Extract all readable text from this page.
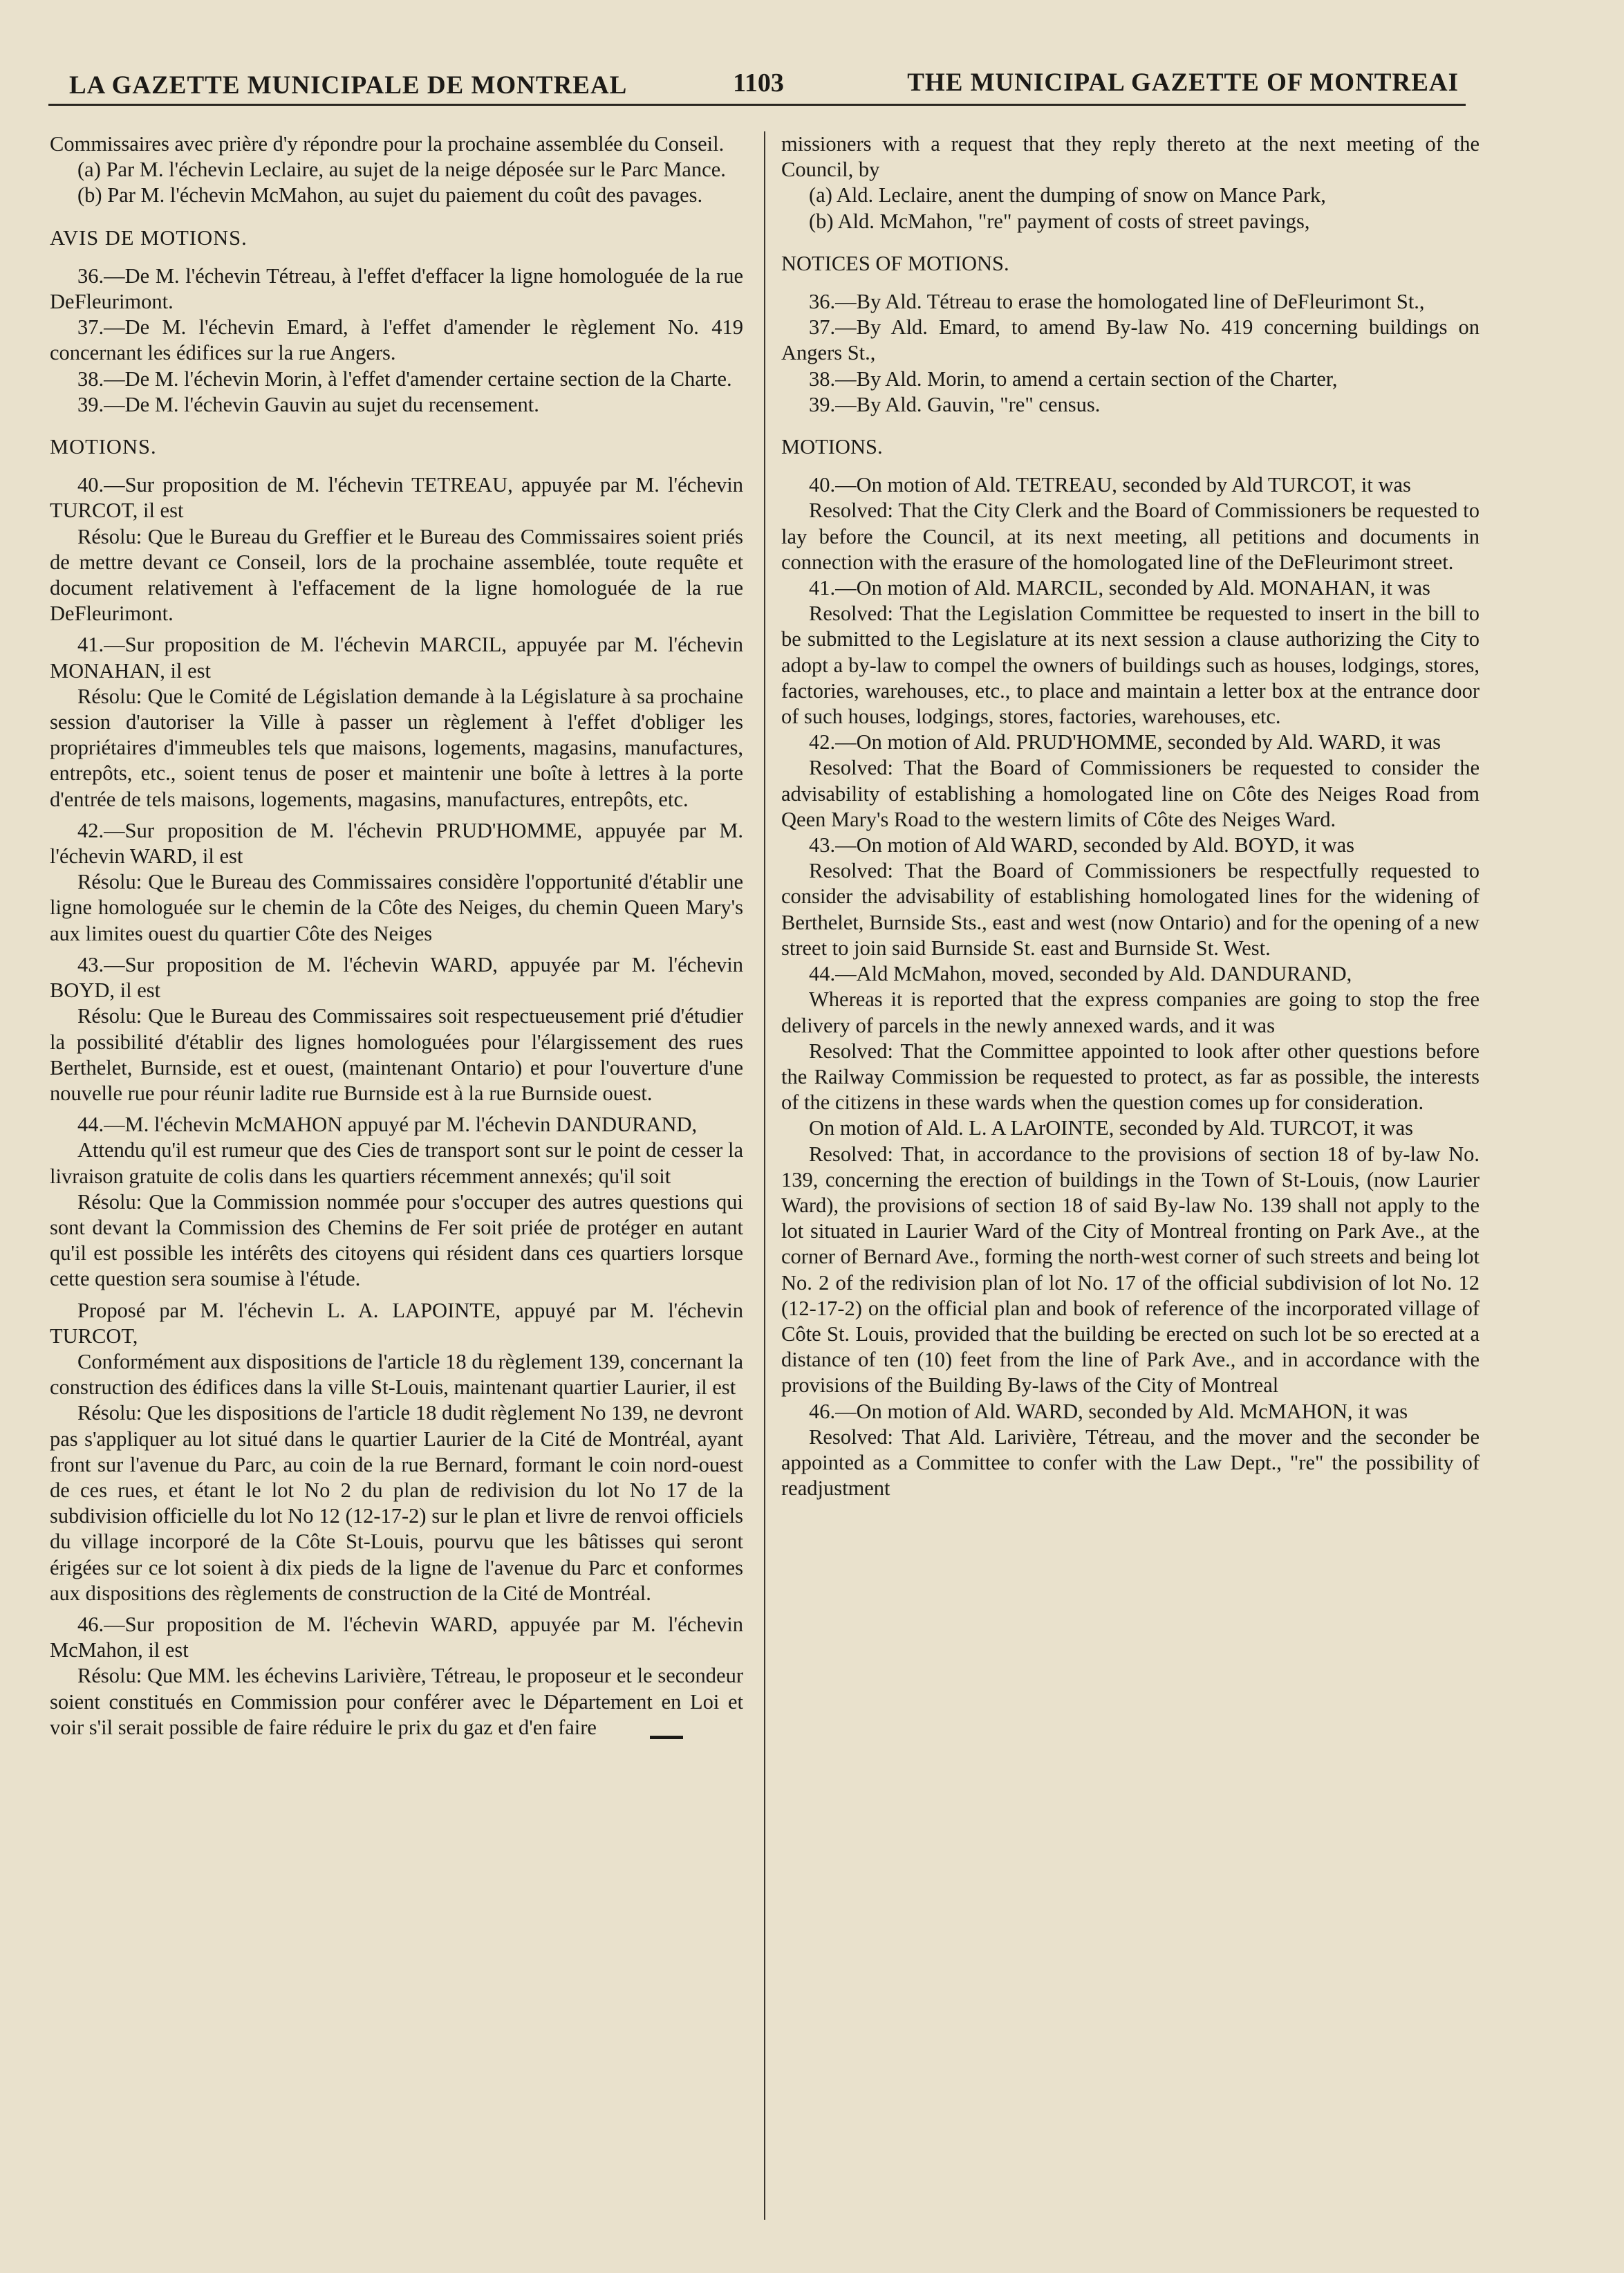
LA GAZETTE MUNICIPALE DE MONTREAL	1103	THE MUNICIPAL GAZETTE OF MONTREAI

Commissaires avec prière d'y répondre pour la prochaine assemblée du Conseil.

(a) Par M. l'échevin Leclaire, au sujet de la neige déposée sur le Parc Mance.

(b) Par M. l'échevin McMahon, au sujet du paiement du coût des pavages.

AVIS DE MOTIONS.

36.—De M. l'échevin Tétreau, à l'effet d'effacer la ligne homologuée de la rue DeFleurimont.

37.—De M. l'échevin Emard, à l'effet d'amender le règlement No. 419 concernant les édifices sur la rue Angers.

38.—De M. l'échevin Morin, à l'effet d'amender certaine section de la Charte.

39.—De M. l'échevin Gauvin au sujet du recensement.

MOTIONS.

40.—Sur proposition de M. l'échevin TETREAU, appuyée par M. l'échevin TURCOT, il est

Résolu: Que le Bureau du Greffier et le Bureau des Commissaires soient priés de mettre devant ce Conseil, lors de la prochaine assemblée, toute requête et document relativement à l'effacement de la ligne homologuée de la rue DeFleurimont.

41.—Sur proposition de M. l'échevin MARCIL, appuyée par M. l'échevin MONAHAN, il est

Résolu: Que le Comité de Législation demande à la Législature à sa prochaine session d'autoriser la Ville à passer un règlement à l'effet d'obliger les propriétaires d'immeubles tels que maisons, logements, magasins, manufactures, entrepôts, etc., soient tenus de poser et maintenir une boîte à lettres à la porte d'entrée de tels maisons, logements, magasins, manufactures, entrepôts, etc.

42.—Sur proposition de M. l'échevin PRUD'HOMME, appuyée par M. l'échevin WARD, il est

Résolu: Que le Bureau des Commissaires considère l'opportunité d'établir une ligne homologuée sur le chemin de la Côte des Neiges, du chemin Queen Mary's aux limites ouest du quartier Côte des Neiges

43.—Sur proposition de M. l'échevin WARD, appuyée par M. l'échevin BOYD, il est

Résolu: Que le Bureau des Commissaires soit respectueusement prié d'étudier la possibilité d'établir des lignes homologuées pour l'élargissement des rues Berthelet, Burnside, est et ouest, (maintenant Ontario) et pour l'ouverture d'une nouvelle rue pour réunir ladite rue Burnside est à la rue Burnside ouest.

44.—M. l'échevin McMAHON appuyé par M. l'échevin DANDURAND,

Attendu qu'il est rumeur que des Cies de transport sont sur le point de cesser la livraison gratuite de colis dans les quartiers récemment annexés; qu'il soit

Résolu: Que la Commission nommée pour s'occuper des autres questions qui sont devant la Commission des Chemins de Fer soit priée de protéger en autant qu'il est possible les intérêts des citoyens qui résident dans ces quartiers lorsque cette question sera soumise à l'étude.

Proposé par M. l'échevin L. A. LAPOINTE, appuyé par M. l'échevin TURCOT,

Conformément aux dispositions de l'article 18 du règlement 139, concernant la construction des édifices dans la ville St-Louis, maintenant quartier Laurier, il est

Résolu: Que les dispositions de l'article 18 dudit règlement No 139, ne devront pas s'appliquer au lot situé dans le quartier Laurier de la Cité de Montréal, ayant front sur l'avenue du Parc, au coin de la rue Bernard, formant le coin nord-ouest de ces rues, et étant le lot No 2 du plan de redivision du lot No 17 de la subdivision officielle du lot No 12 (12-17-2) sur le plan et livre de renvoi officiels du village incorporé de la Côte St-Louis, pourvu que les bâtisses qui seront érigées sur ce lot soient à dix pieds de la ligne de l'avenue du Parc et conformes aux dispositions des règlements de construction de la Cité de Montréal.

46.—Sur proposition de M. l'échevin WARD, appuyée par M. l'échevin McMahon, il est

Résolu: Que MM. les échevins Larivière, Tétreau, le proposeur et le secondeur soient constitués en Commission pour conférer avec le Département en Loi et voir s'il serait possible de faire réduire le prix du gaz et d'en faire

missioners with a request that they reply thereto at the next meeting of the Council, by

(a) Ald. Leclaire, anent the dumping of snow on Mance Park,

(b) Ald. McMahon, "re" payment of costs of street pavings,

NOTICES OF MOTIONS.

36.—By Ald. Tétreau to erase the homologated line of DeFleurimont St.,

37.—By Ald. Emard, to amend By-law No. 419 concerning buildings on Angers St.,

38.—By Ald. Morin, to amend a certain section of the Charter,

39.—By Ald. Gauvin, "re" census.

MOTIONS.

40.—On motion of Ald. TETREAU, seconded by Ald TURCOT, it was

Resolved: That the City Clerk and the Board of Commissioners be requested to lay before the Council, at its next meeting, all petitions and documents in connection with the erasure of the homologated line of the DeFleurimont street.

41.—On motion of Ald. MARCIL, seconded by Ald. MONAHAN, it was

Resolved: That the Legislation Committee be requested to insert in the bill to be submitted to the Legislature at its next session a clause authorizing the City to adopt a by-law to compel the owners of buildings such as houses, lodgings, stores, factories, warehouses, etc., to place and maintain a letter box at the entrance door of such houses, lodgings, stores, factories, warehouses, etc.

42.—On motion of Ald. PRUD'HOMME, seconded by Ald. WARD, it was

Resolved: That the Board of Commissioners be requested to consider the advisability of establishing a homologated line on Côte des Neiges Road from Qeen Mary's Road to the western limits of Côte des Neiges Ward.

43.—On motion of Ald WARD, seconded by Ald. BOYD, it was

Resolved: That the Board of Commissioners be respectfully requested to consider the advisability of establishing homologated lines for the widening of Berthelet, Burnside Sts., east and west (now Ontario) and for the opening of a new street to join said Burnside St. east and Burnside St. West.

44.—Ald McMahon, moved, seconded by Ald. DANDURAND,

Whereas it is reported that the express companies are going to stop the free delivery of parcels in the newly annexed wards, and it was

Resolved: That the Committee appointed to look after other questions before the Railway Commission be requested to protect, as far as possible, the interests of the citizens in these wards when the question comes up for consideration.

On motion of Ald. L. A LArOINTE, seconded by Ald. TURCOT, it was

Resolved: That, in accordance to the provisions of section 18 of by-law No. 139, concerning the erection of buildings in the Town of St-Louis, (now Laurier Ward), the provisions of section 18 of said By-law No. 139 shall not apply to the lot situated in Laurier Ward of the City of Montreal fronting on Park Ave., at the corner of Bernard Ave., forming the north-west corner of such streets and being lot No. 2 of the redivision plan of lot No. 17 of the official subdivision of lot No. 12 (12-17-2) on the official plan and book of reference of the incorporated village of Côte St. Louis, provided that the building be erected on such lot be so erected at a distance of ten (10) feet from the line of Park Ave., and in accordance with the provisions of the Building By-laws of the City of Montreal

46.—On motion of Ald. WARD, seconded by Ald. McMAHON, it was

Resolved: That Ald. Larivière, Tétreau, and the mover and the seconder be appointed as a Committee to confer with the Law Dept., "re" the possibility of readjustment
